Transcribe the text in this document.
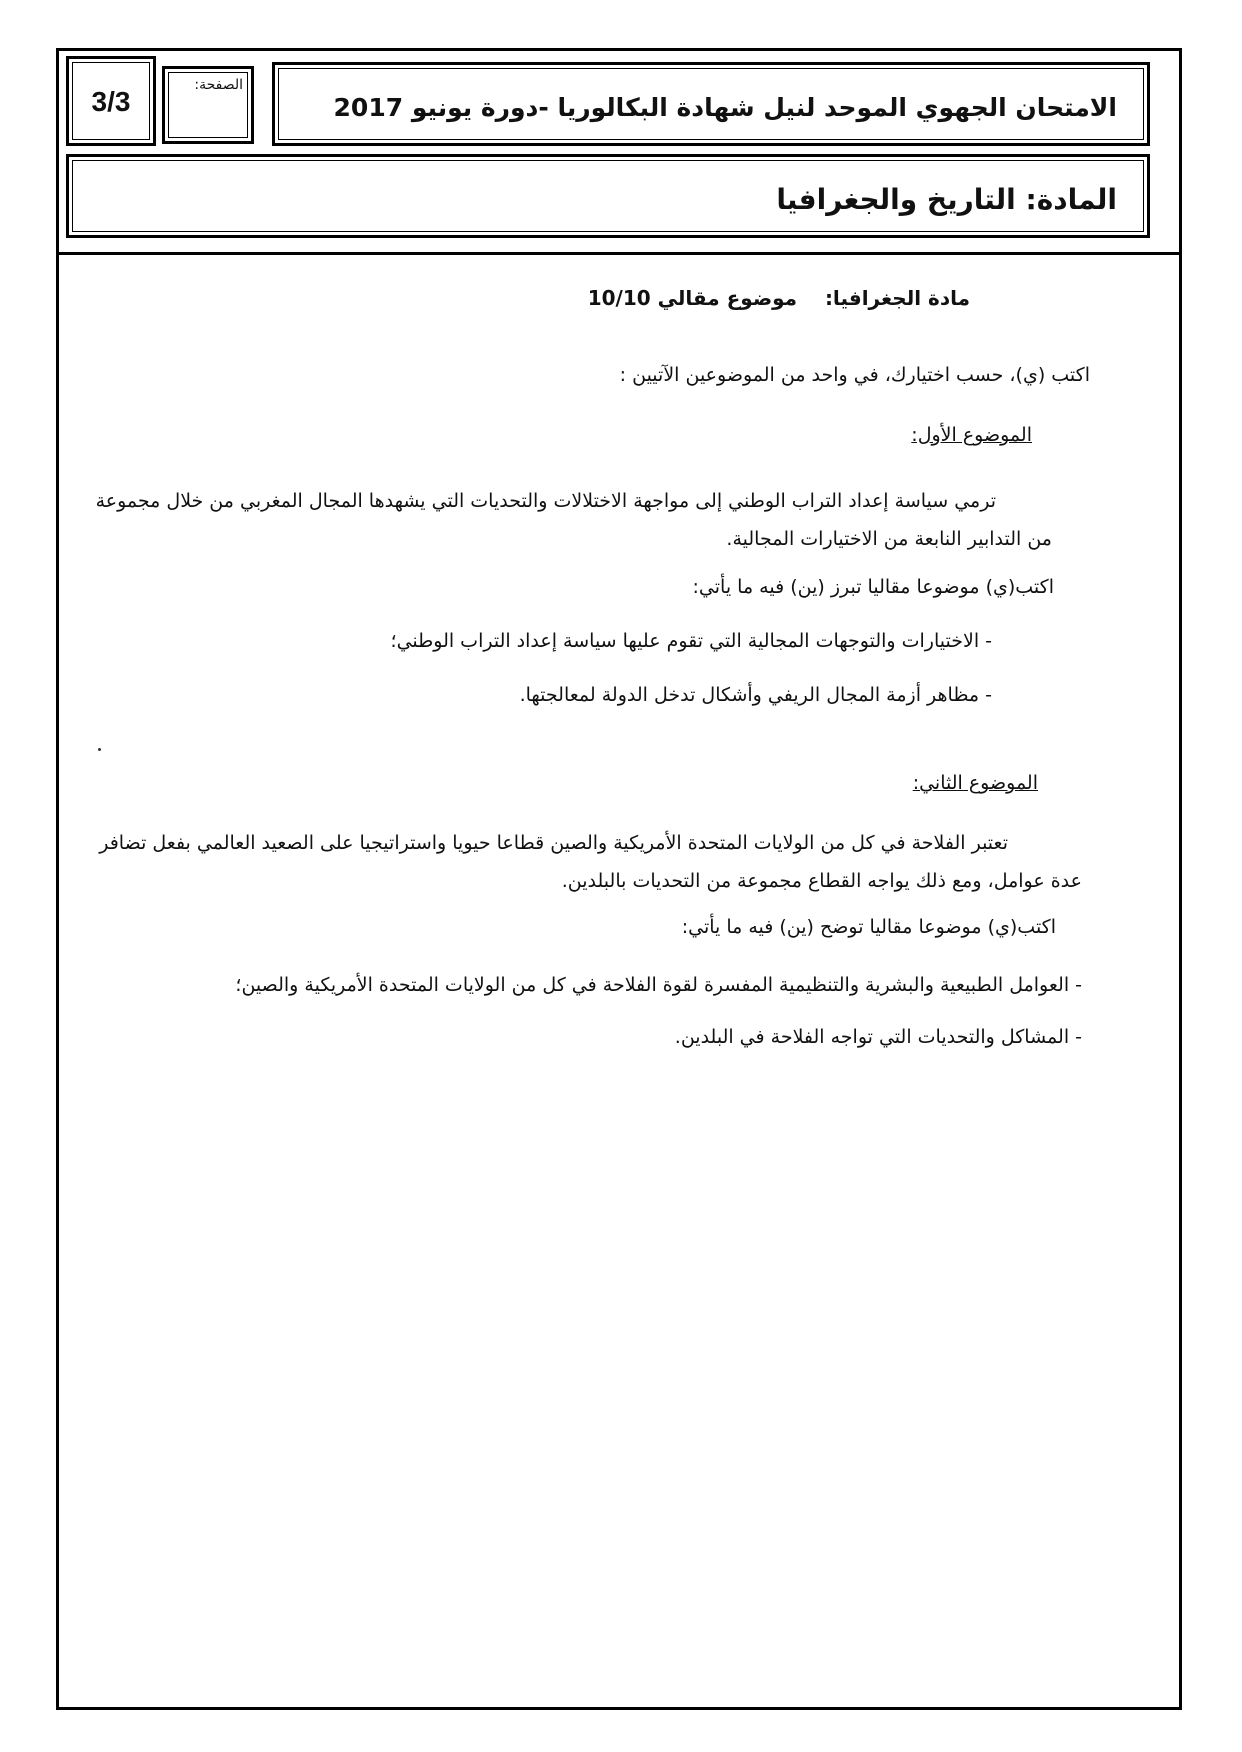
3/3
الصفحة:
الامتحان الجهوي الموحد لنيل شهادة البكالوريا -دورة يونيو 2017
المادة: التاريخ والجغرافيا
مادة الجغرافيا:    موضوع مقالي 10/10
اكتب (ي)، حسب اختيارك، في واحد من الموضوعين الآتيين :
الموضوع الأول:
ترمي سياسة إعداد التراب الوطني إلى مواجهة الاختلالات والتحديات التي يشهدها المجال المغربي من خلال مجموعة من التدابير النابعة من الاختيارات المجالية.
اكتب(ي) موضوعا مقاليا تبرز (ين) فيه ما يأتي:
- الاختيارات والتوجهات المجالية التي تقوم عليها سياسة إعداد التراب الوطني؛
- مظاهر أزمة المجال الريفي وأشكال تدخل الدولة لمعالجتها.
الموضوع الثاني:
تعتبر الفلاحة في كل من الولايات المتحدة الأمريكية والصين قطاعا حيويا واستراتيجيا على الصعيد العالمي بفعل تضافر عدة عوامل، ومع ذلك يواجه القطاع مجموعة من التحديات بالبلدين.
اكتب(ي) موضوعا مقاليا توضح (ين) فيه ما يأتي:
- العوامل الطبيعية والبشرية والتنظيمية المفسرة لقوة الفلاحة في كل من الولايات المتحدة الأمريكية والصين؛
- المشاكل والتحديات التي تواجه الفلاحة في البلدين.
